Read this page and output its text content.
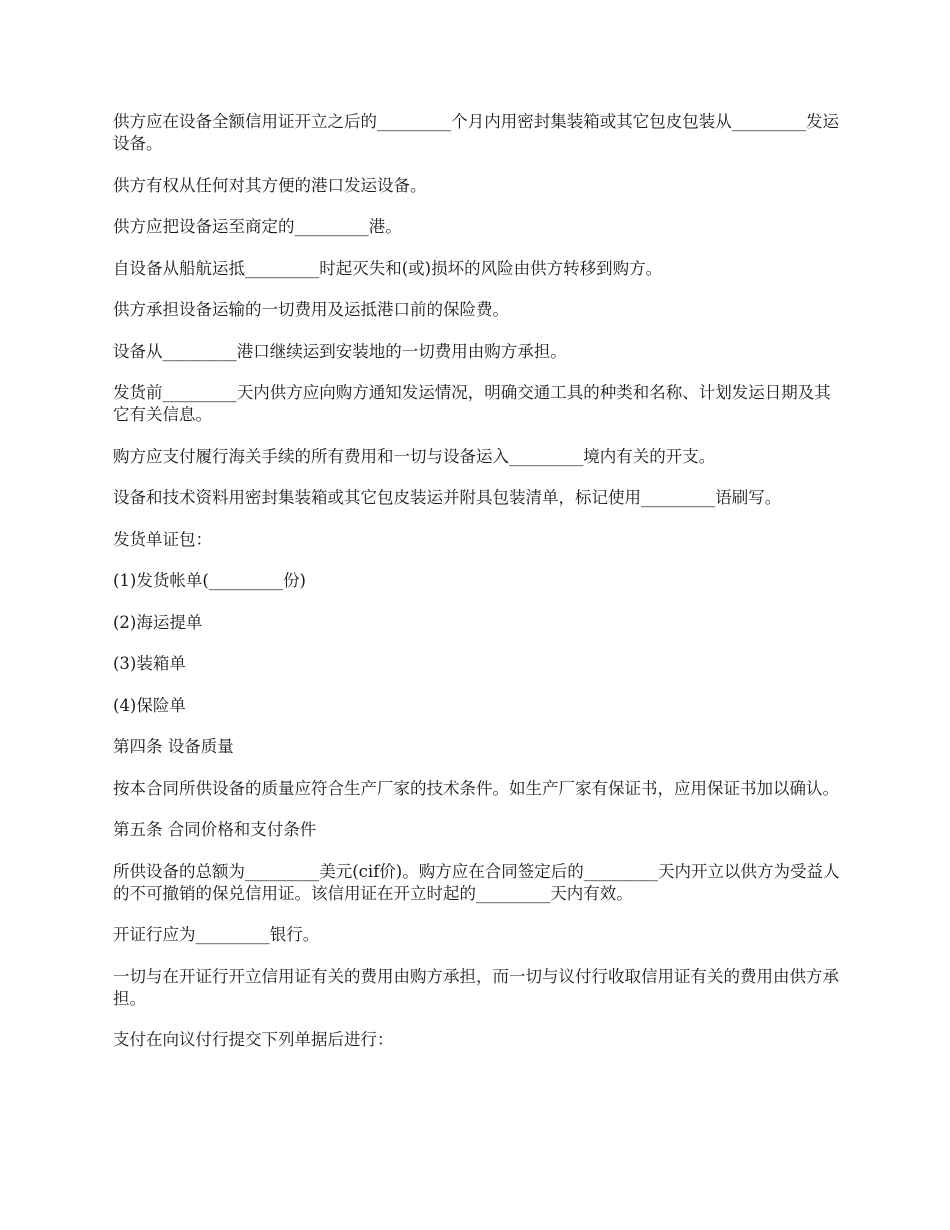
供方应在设备全额信用证开立之后的_________个月内用密封集装箱或其它包皮包装从_________发运设备。

供方有权从任何对其方便的港口发运设备。

供方应把设备运至商定的_________港。

自设备从船航运抵_________时起灭失和(或)损坏的风险由供方转移到购方。

供方承担设备运输的一切费用及运抵港口前的保险费。

设备从_________港口继续运到安装地的一切费用由购方承担。

发货前_________天内供方应向购方通知发运情况，明确交通工具的种类和名称、计划发运日期及其它有关信息。

购方应支付履行海关手续的所有费用和一切与设备运入_________境内有关的开支。

设备和技术资料用密封集装箱或其它包皮装运并附具包装清单，标记使用_________语刷写。

发货单证包：

(1)发货帐单(_________份)

(2)海运提单

(3)装箱单

(4)保险单

第四条 设备质量

按本合同所供设备的质量应符合生产厂家的技术条件。如生产厂家有保证书，应用保证书加以确认。

第五条 合同价格和支付条件

所供设备的总额为_________美元(cif价)。购方应在合同签定后的_________天内开立以供方为受益人的不可撤销的保兑信用证。该信用证在开立时起的_________天内有效。

开证行应为_________银行。

一切与在开证行开立信用证有关的费用由购方承担，而一切与议付行收取信用证有关的费用由供方承担。

支付在向议付行提交下列单据后进行：
